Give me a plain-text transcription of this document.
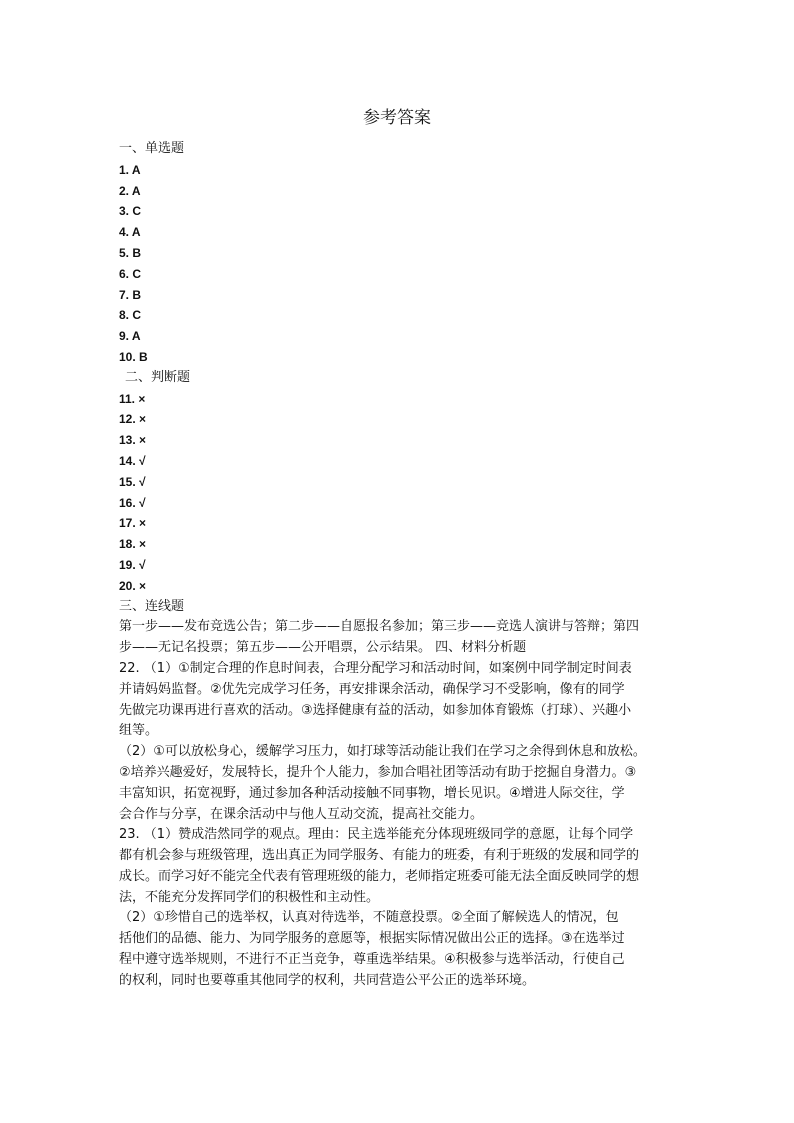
参考答案
一、单选题
1. A
2. A
3. C
4. A
5. B
6. C
7. B
8. C
9. A
10. B
二、判断题
11. ×
12. ×
13. ×
14. √
15. √
16. √
17. ×
18. ×
19. √
20. ×
三、连线题
第一步——发布竞选公告；第二步——自愿报名参加；第三步——竞选人演讲与答辩；第四
步——无记名投票；第五步——公开唱票，公示结果。 四、材料分析题
22. （1）①制定合理的作息时间表，合理分配学习和活动时间，如案例中同学制定时间表
并请妈妈监督。②优先完成学习任务，再安排课余活动，确保学习不受影响，像有的同学
先做完功课再进行喜欢的活动。③选择健康有益的活动，如参加体育锻炼（打球）、兴趣小
组等。
（2）①可以放松身心，缓解学习压力，如打球等活动能让我们在学习之余得到休息和放松。
②培养兴趣爱好，发展特长，提升个人能力，参加合唱社团等活动有助于挖掘自身潜力。③
丰富知识，拓宽视野，通过参加各种活动接触不同事物，增长见识。④增进人际交往，学
会合作与分享，在课余活动中与他人互动交流，提高社交能力。
23. （1）赞成浩然同学的观点。理由：民主选举能充分体现班级同学的意愿，让每个同学
都有机会参与班级管理，选出真正为同学服务、有能力的班委，有利于班级的发展和同学的
成长。而学习好不能完全代表有管理班级的能力，老师指定班委可能无法全面反映同学的想
法，不能充分发挥同学们的积极性和主动性。
（2）①珍惜自己的选举权，认真对待选举，不随意投票。②全面了解候选人的情况，包
括他们的品德、能力、为同学服务的意愿等，根据实际情况做出公正的选择。③在选举过
程中遵守选举规则，不进行不正当竞争，尊重选举结果。④积极参与选举活动，行使自己
的权利，同时也要尊重其他同学的权利，共同营造公平公正的选举环境。
